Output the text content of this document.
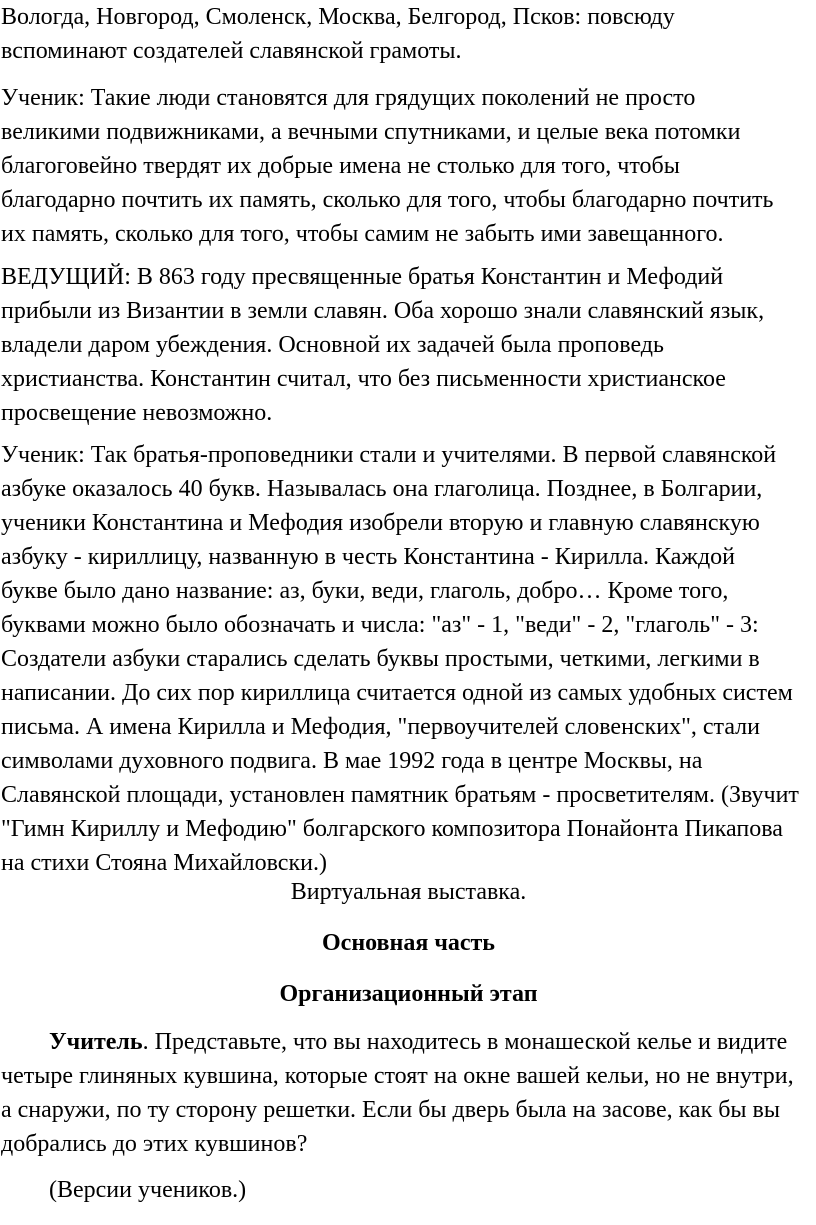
Вологда, Новгород, Смоленск, Москва, Белгород, Псков: повсюду
вспоминают создателей славянской грамоты.
Ученик: Такие люди становятся для грядущих поколений не просто
великими подвижниками, а вечными спутниками, и целые века потомки
благоговейно твердят их добрые имена не столько для того, чтобы
благодарно почтить их память, сколько для того, чтобы благодарно почтить
их память, сколько для того, чтобы самим не забыть ими завещанного.
ВЕДУЩИЙ: В 863 году пресвященные братья Константин и Мефодий
прибыли из Византии в земли славян. Оба хорошо знали славянский язык,
владели даром убеждения. Основной их задачей была проповедь
христианства. Константин считал, что без письменности христианское
просвещение невозможно.
Ученик: Так братья-проповедники стали и учителями. В первой славянской
азбуке оказалось 40 букв. Называлась она глаголица. Позднее, в Болгарии,
ученики Константина и Мефодия изобрели вторую и главную славянскую
азбуку - кириллицу, названную в честь Константина - Кирилла. Каждой
букве было дано название: аз, буки, веди, глаголь, добро… Кроме того,
буквами можно было обозначать и числа: "аз" - 1, "веди" - 2, "глаголь" - 3:
Создатели азбуки старались сделать буквы простыми, четкими, легкими в
написании. До сих пор кириллица считается одной из самых удобных систем
письма. А имена Кирилла и Мефодия, "первоучителей словенских", стали
символами духовного подвига. В мае 1992 года в центре Москвы, на
Славянской площади, установлен памятник братьям - просветителям. (Звучит
"Гимн Кириллу и Мефодию" болгарского композитора Понайонта Пикапова
на стихи Стояна Михайловски.)
Виртуальная выставка.
Основная часть
Организационный этап
Учитель. Представьте, что вы находитесь в монашеской келье и видите
четыре глиняных кувшина, которые стоят на окне вашей кельи, но не внутри,
а снаружи, по ту сторону решетки. Если бы дверь была на засове, как бы вы
добрались до этих кувшинов?
(Версии учеников.)
